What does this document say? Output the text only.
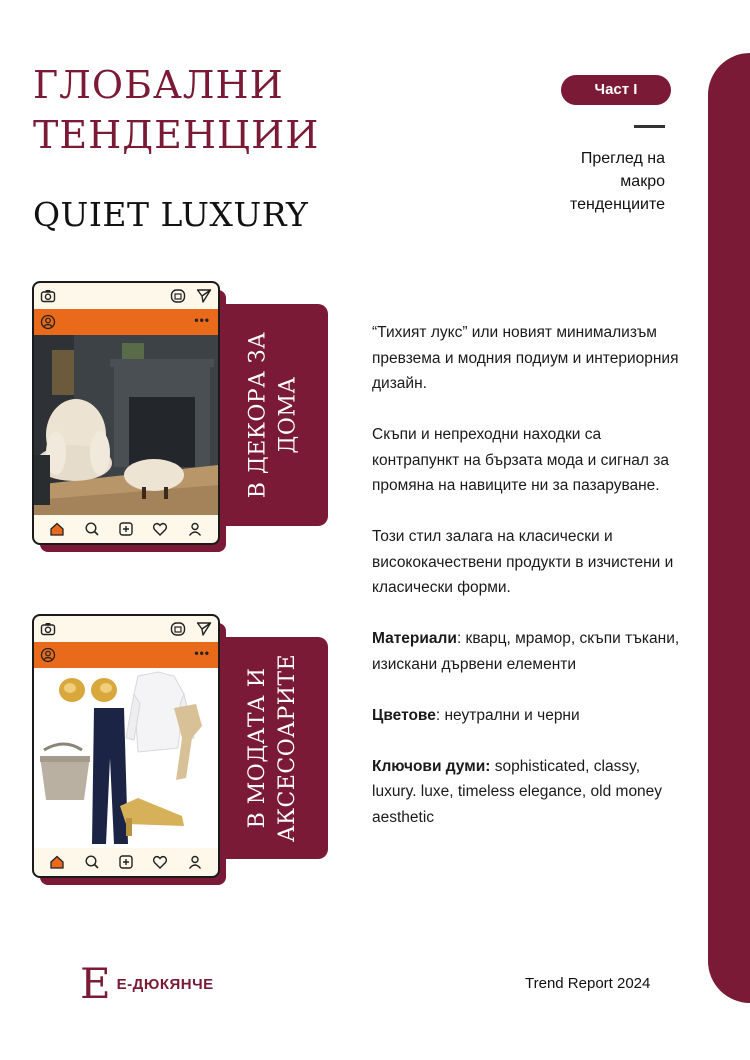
ГЛОБАЛНИ
ТЕНДЕНЦИИ
QUIET LUXURY
Част I
Преглед на
макро
тенденциите
В ДЕКОРА ЗА ДОМА
•••
В МОДАТА И АКСЕСОАРИТЕ
•••

“Тихият лукс” или новият минимализъм превзема и модния подиум и интериорния дизайн.

Скъпи и непреходни находки са контрапункт на бързата мода и сигнал за промяна на навиците ни за пазаруване.

Този стил залага на класически и висококачествени продукти в изчистени и класически форми.

Материали: кварц, мрамор, скъпи тъкани, изискани дървени елементи

Цветове: неутрални и черни

Ключови думи: sophisticated, classy, luxury. luxe, timeless elegance, old money aesthetic

E Е-ДЮКЯНЧЕ	Trend Report 2024
